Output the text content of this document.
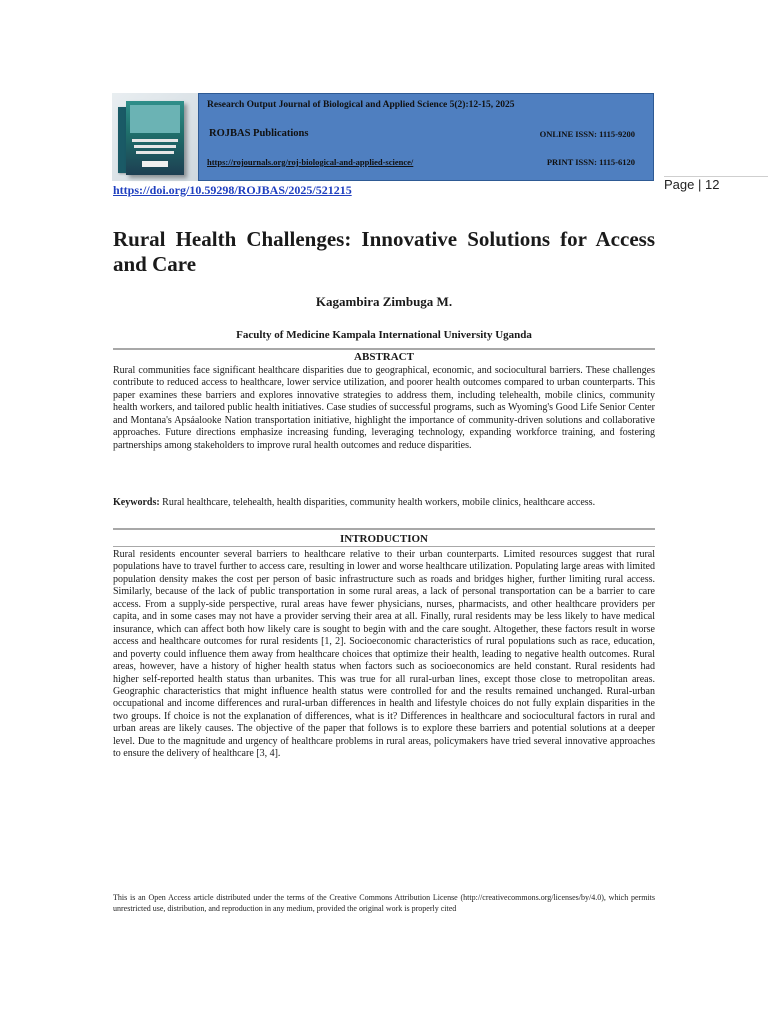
Research Output Journal of Biological and Applied Science 5(2):12-15, 2025
ROJBAS Publications	ONLINE ISSN: 1115-9200
https://rojournals.org/roj-biological-and-applied-science/	PRINT ISSN: 1115-6120
https://doi.org/10.59298/ROJBAS/2025/521215	Page | 12
Rural Health Challenges: Innovative Solutions for Access and Care
Kagambira Zimbuga M.
Faculty of Medicine Kampala International University Uganda
ABSTRACT
Rural communities face significant healthcare disparities due to geographical, economic, and sociocultural barriers. These challenges contribute to reduced access to healthcare, lower service utilization, and poorer health outcomes compared to urban counterparts. This paper examines these barriers and explores innovative strategies to address them, including telehealth, mobile clinics, community health workers, and tailored public health initiatives. Case studies of successful programs, such as Wyoming's Good Life Senior Center and Montana's Apsáalooke Nation transportation initiative, highlight the importance of community-driven solutions and collaborative approaches. Future directions emphasize increasing funding, leveraging technology, expanding workforce training, and fostering partnerships among stakeholders to improve rural health outcomes and reduce disparities.
Keywords: Rural healthcare, telehealth, health disparities, community health workers, mobile clinics, healthcare access.
INTRODUCTION
Rural residents encounter several barriers to healthcare relative to their urban counterparts. Limited resources suggest that rural populations have to travel further to access care, resulting in lower and worse healthcare utilization. Populating large areas with limited population density makes the cost per person of basic infrastructure such as roads and bridges higher, further limiting rural access. Similarly, because of the lack of public transportation in some rural areas, a lack of personal transportation can be a barrier to care access. From a supply-side perspective, rural areas have fewer physicians, nurses, pharmacists, and other healthcare providers per capita, and in some cases may not have a provider serving their area at all. Finally, rural residents may be less likely to have medical insurance, which can affect both how likely care is sought to begin with and the care sought. Altogether, these factors result in worse access and healthcare outcomes for rural residents [1, 2]. Socioeconomic characteristics of rural populations such as race, education, and poverty could influence them away from healthcare choices that optimize their health, leading to negative health outcomes. Rural areas, however, have a history of higher health status when factors such as socioeconomics are held constant. Rural residents had higher self-reported health status than urbanites. This was true for all rural-urban lines, except those close to metropolitan areas. Geographic characteristics that might influence health status were controlled for and the results remained unchanged. Rural-urban occupational and income differences and rural-urban differences in health and lifestyle choices do not fully explain disparities in the two groups. If choice is not the explanation of differences, what is it? Differences in healthcare and sociocultural factors in rural and urban areas are likely causes. The objective of the paper that follows is to explore these barriers and potential solutions at a deeper level. Due to the magnitude and urgency of healthcare problems in rural areas, policymakers have tried several innovative approaches to ensure the delivery of healthcare [3, 4].
This is an Open Access article distributed under the terms of the Creative Commons Attribution License (http://creativecommons.org/licenses/by/4.0), which permits unrestricted use, distribution, and reproduction in any medium, provided the original work is properly cited
